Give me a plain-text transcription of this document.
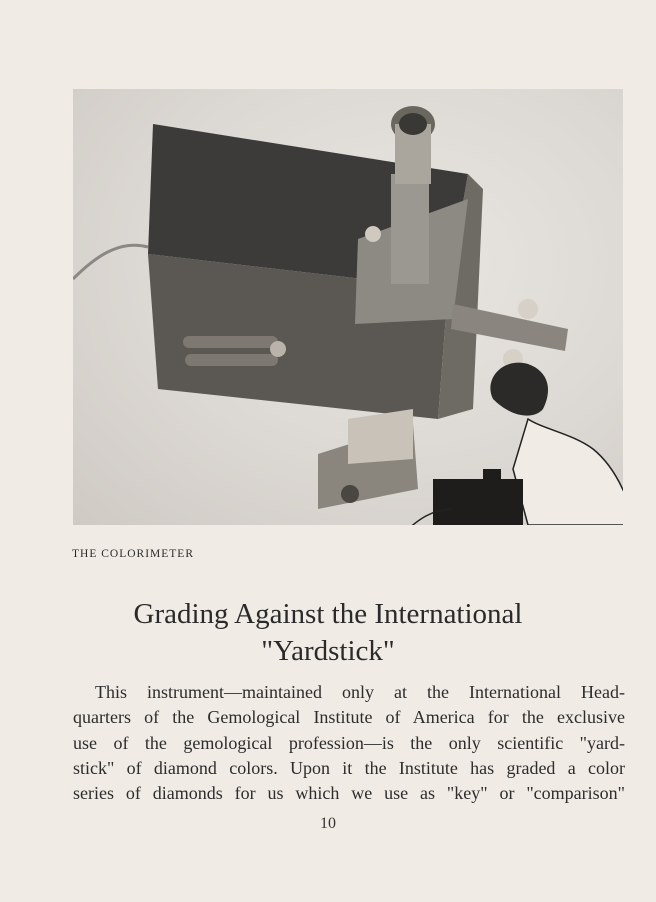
THE COLORIMETER
Grading Against the International
"Yardstick"
This instrument—maintained only at the International Head-
quarters of the Gemological Institute of America for the exclusive
use of the gemological profession—is the only scientific "yard-
stick" of diamond colors. Upon it the Institute has graded a color
series of diamonds for us which we use as "key" or "comparison"
10
